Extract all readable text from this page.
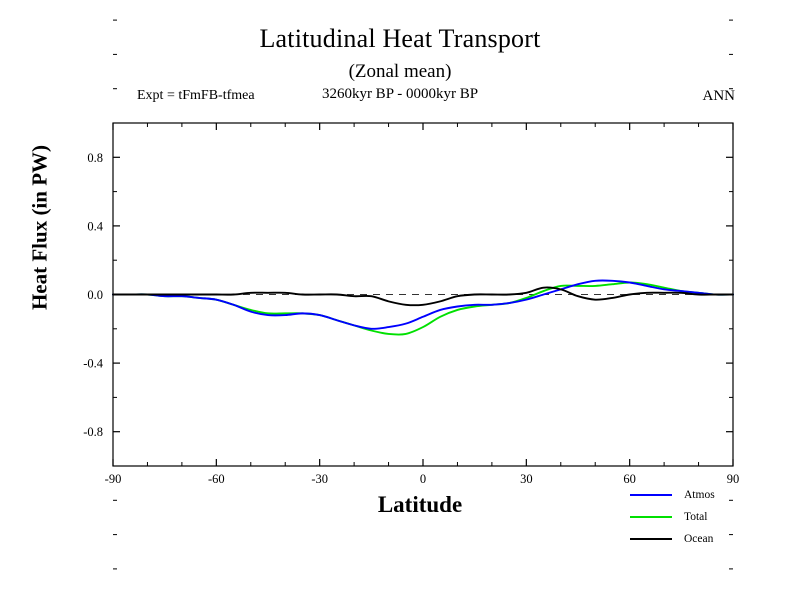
Latitudinal Heat Transport
(Zonal mean)
Expt = tFmFB-tfmea	3260kyr BP - 0000kyr BP	ANN
Heat Flux (in PW)
Latitude
-90	-60	-30	0	30	60	90
-0.8
-0.4
0.0
0.4
0.8
Atmos
Total
Ocean
